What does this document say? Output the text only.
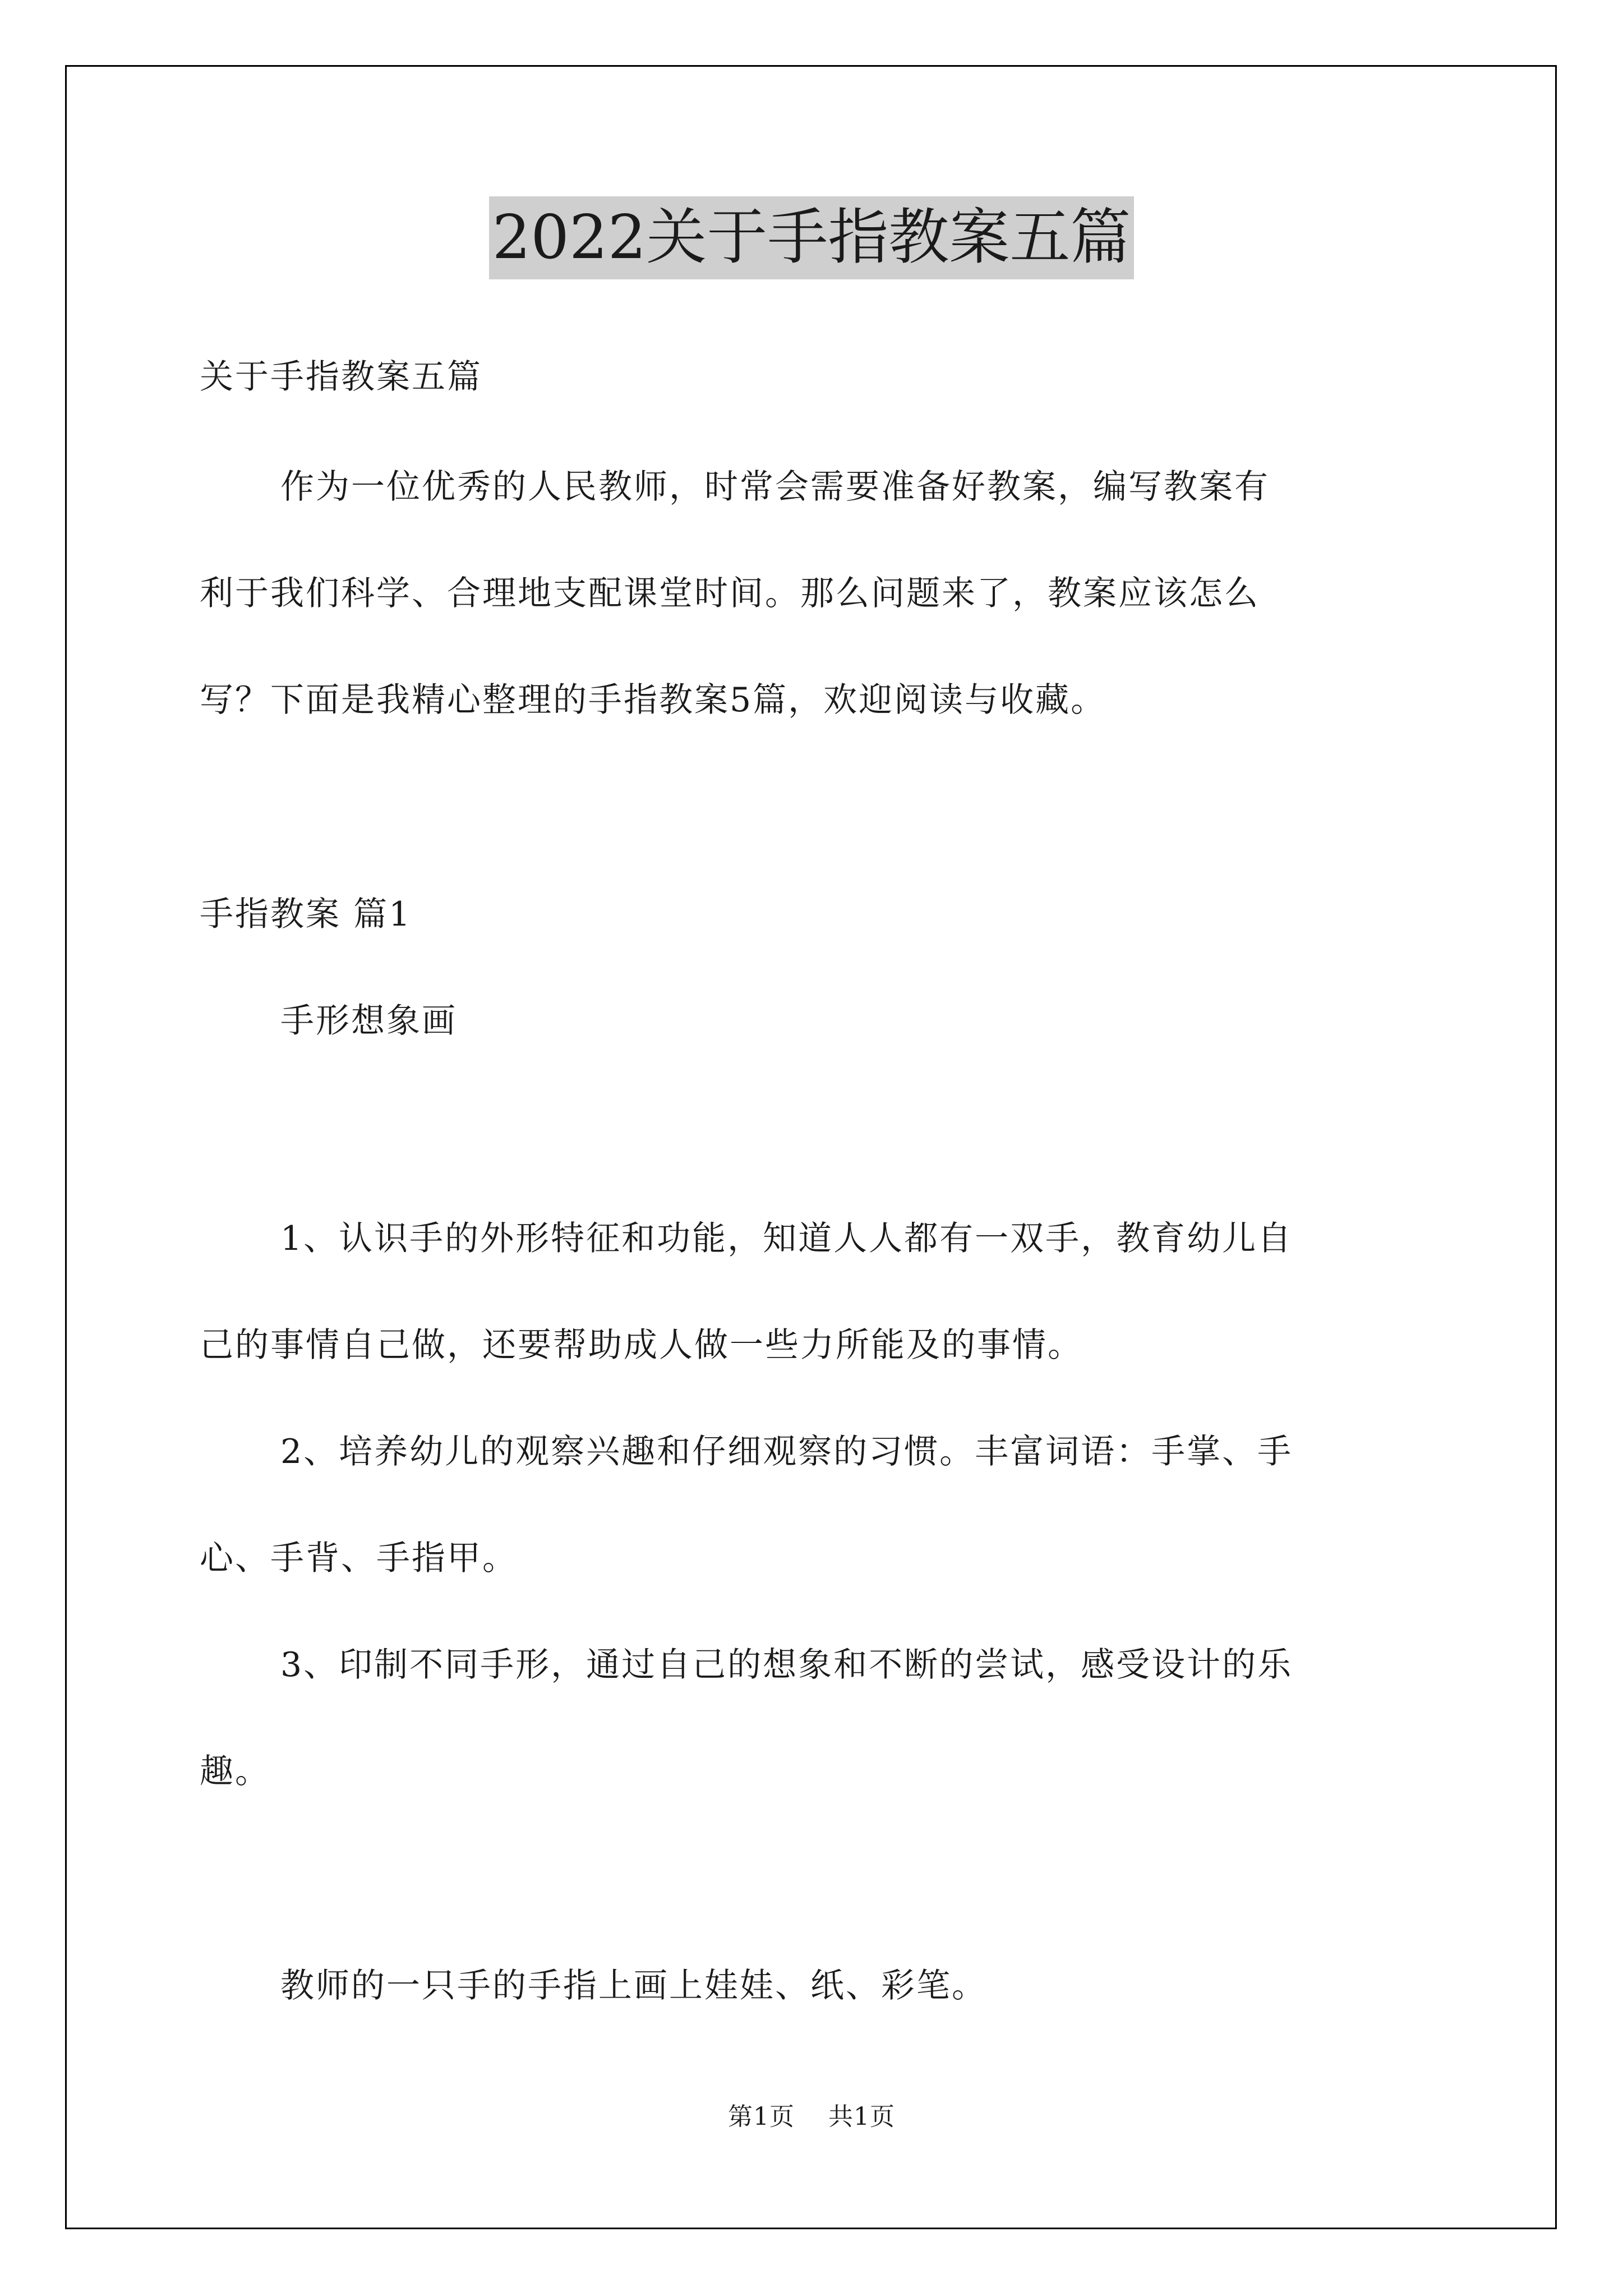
2022关于手指教案五篇
关于手指教案五篇
作为一位优秀的人民教师，时常会需要准备好教案，编写教案有
利于我们科学、合理地支配课堂时间。那么问题来了，教案应该怎么
写？下面是我精心整理的手指教案5篇，欢迎阅读与收藏。
手指教案 篇1
手形想象画
1、认识手的外形特征和功能，知道人人都有一双手，教育幼儿自
己的事情自己做，还要帮助成人做一些力所能及的事情。
2、培养幼儿的观察兴趣和仔细观察的习惯。丰富词语：手掌、手
心、手背、手指甲。
3、印制不同手形，通过自己的想象和不断的尝试，感受设计的乐
趣。
教师的一只手的手指上画上娃娃、纸、彩笔。
第1页 共1页
